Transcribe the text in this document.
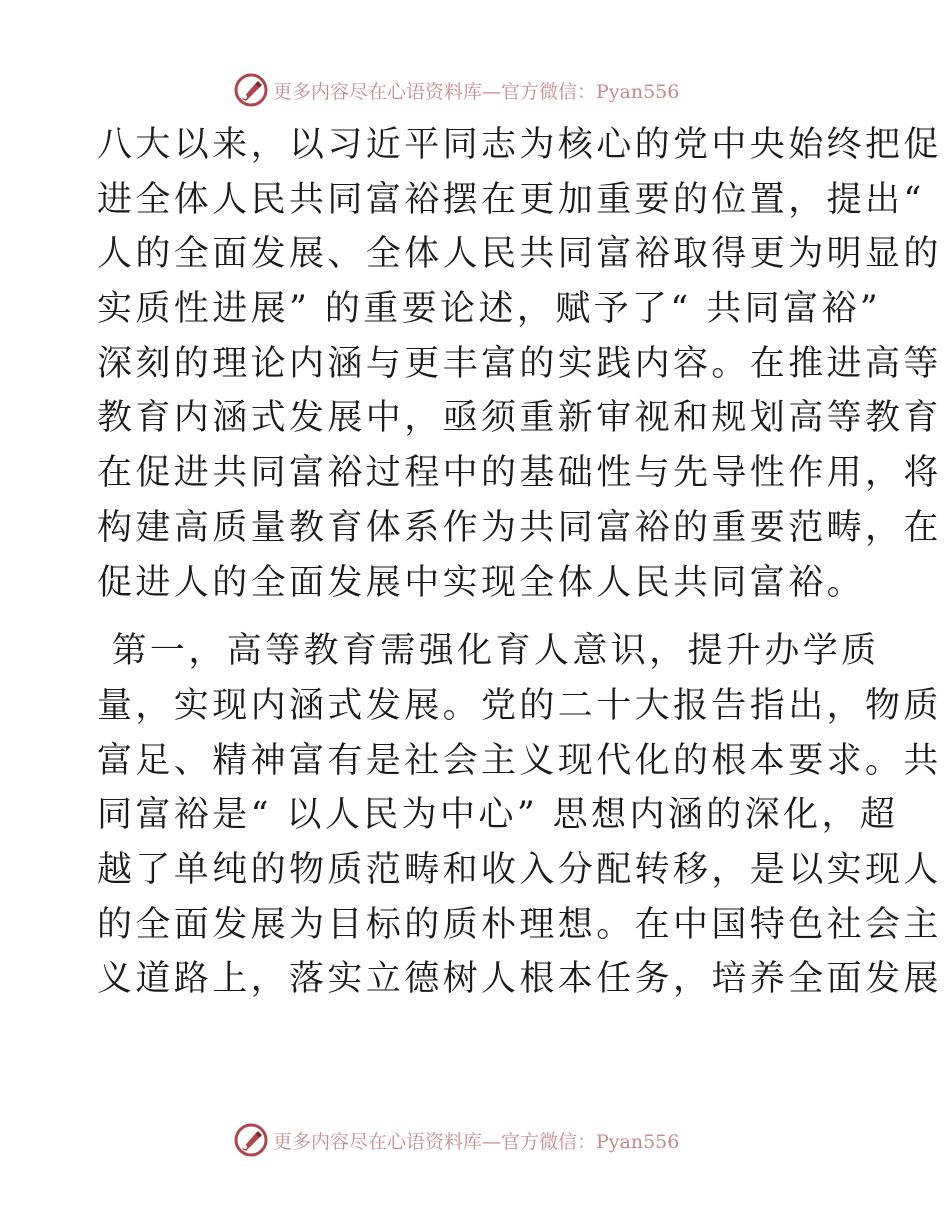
更多内容尽在心语资料库—官方微信：Pyan556
八大以来，以习近平同志为核心的党中央始终把促
进全体人民共同富裕摆在更加重要的位置，提出“
人的全面发展、全体人民共同富裕取得更为明显的
实质性进展” 的重要论述，赋予了“ 共同富裕”
深刻的理论内涵与更丰富的实践内容。在推进高等
教育内涵式发展中，亟须重新审视和规划高等教育
在促进共同富裕过程中的基础性与先导性作用，将
构建高质量教育体系作为共同富裕的重要范畴，在
促进人的全面发展中实现全体人民共同富裕。
第一，高等教育需强化育人意识，提升办学质
量，实现内涵式发展。党的二十大报告指出，物质
富足、精神富有是社会主义现代化的根本要求。共
同富裕是“ 以人民为中心” 思想内涵的深化，超
越了单纯的物质范畴和收入分配转移，是以实现人
的全面发展为目标的质朴理想。在中国特色社会主
义道路上，落实立德树人根本任务，培养全面发展
更多内容尽在心语资料库—官方微信：Pyan556
